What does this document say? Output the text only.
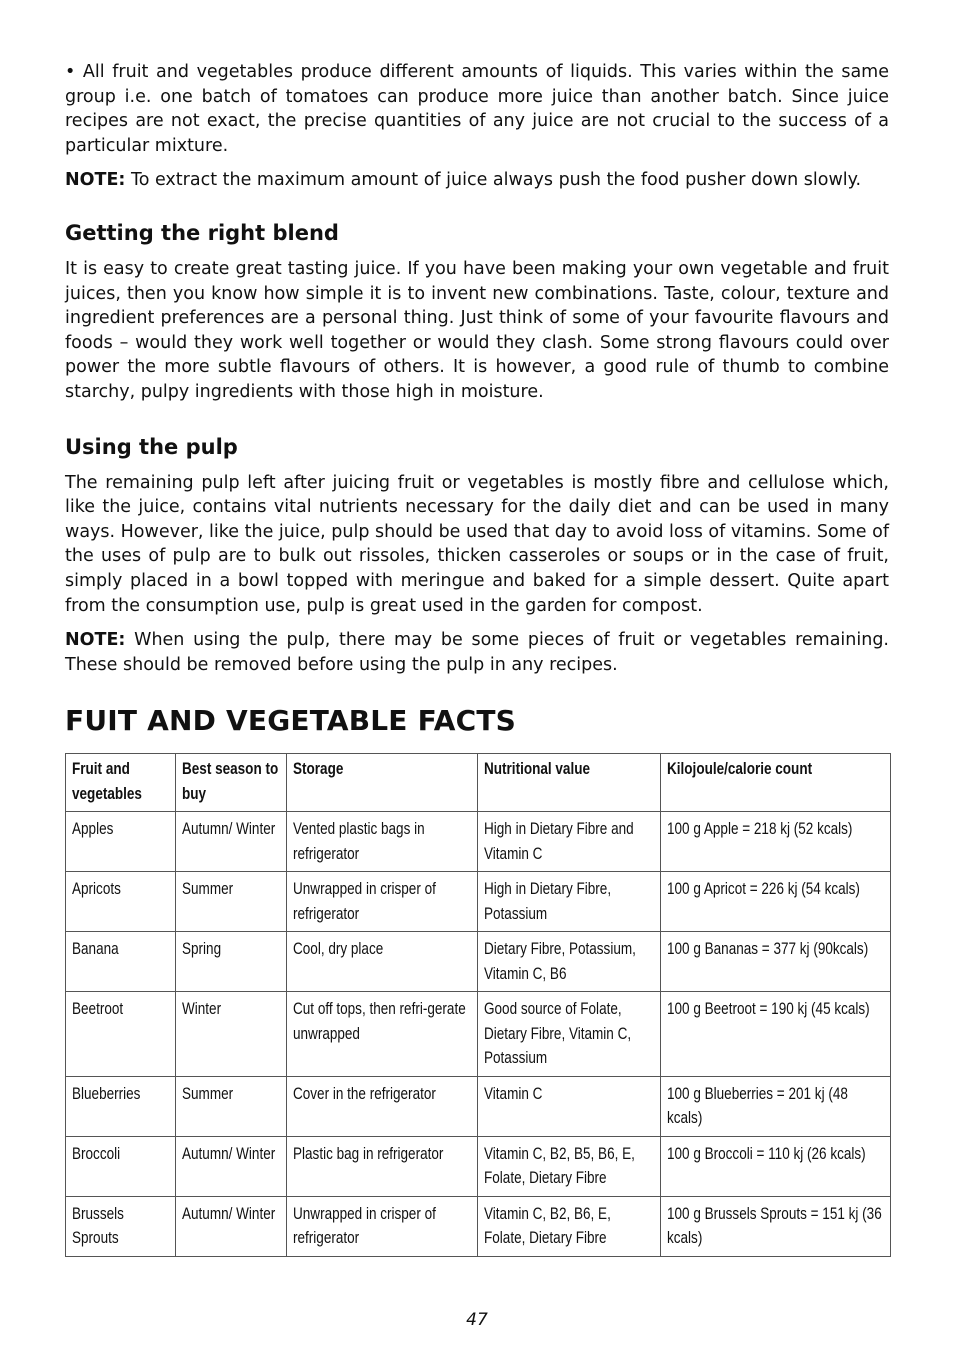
• All fruit and vegetables produce different amounts of liquids. This varies within the same group i.e. one batch of tomatoes can produce more juice than another batch. Since juice recipes are not exact, the precise quantities of any juice are not crucial to the success of a particular mixture.

NOTE: To extract the maximum amount of juice always push the food pusher down slowly.

Getting the right blend

It is easy to create great tasting juice. If you have been making your own vegetable and fruit juices, then you know how simple it is to invent new combinations. Taste, colour, texture and ingredient preferences are a personal thing. Just think of some of your favourite flavours and foods – would they work well together or would they clash. Some strong flavours could over power the more subtle flavours of others. It is however, a good rule of thumb to combine starchy, pulpy ingredients with those high in moisture.

Using the pulp

The remaining pulp left after juicing fruit or vegetables is mostly fibre and cellulose which, like the juice, contains vital nutrients necessary for the daily diet and can be used in many ways. However, like the juice, pulp should be used that day to avoid loss of vitamins. Some of the uses of pulp are to bulk out rissoles, thicken casseroles or soups or in the case of fruit, simply placed in a bowl topped with meringue and baked for a simple dessert. Quite apart from the consumption use, pulp is great used in the garden for compost.

NOTE: When using the pulp, there may be some pieces of fruit or vegetables remaining. These should be removed before using the pulp in any recipes.

FUIT AND VEGETABLE FACTS
Fruit and vegetables	Best season to buy	Storage	Nutritional value	Kilojoule/calorie count
Apples	Autumn/ Winter	Vented plastic bags in refrigerator	High in Dietary Fibre and Vitamin C	100 g Apple = 218 kj (52 kcals)
Apricots	Summer	Unwrapped in crisper of refrigerator	High in Dietary Fibre, Potassium	100 g Apricot = 226 kj (54 kcals)
Banana	Spring	Cool, dry place	Dietary Fibre, Potassium, Vitamin C, B6	100 g Bananas = 377 kj (90kcals)
Beetroot	Winter	Cut off tops, then refri-gerate unwrapped	Good source of Folate, Dietary Fibre, Vitamin C, Potassium	100 g Beetroot = 190 kj (45 kcals)
Blueberries	Summer	Cover in the refrigerator	Vitamin C	100 g Blueberries = 201 kj (48 kcals)
Broccoli	Autumn/ Winter	Plastic bag in refrigerator	Vitamin C, B2, B5, B6, E, Folate, Dietary Fibre	100 g Broccoli = 110 kj (26 kcals)
Brussels Sprouts	Autumn/ Winter	Unwrapped in crisper of refrigerator	Vitamin C, B2, B6, E, Folate, Dietary Fibre	100 g Brussels Sprouts = 151 kj (36 kcals)
47
